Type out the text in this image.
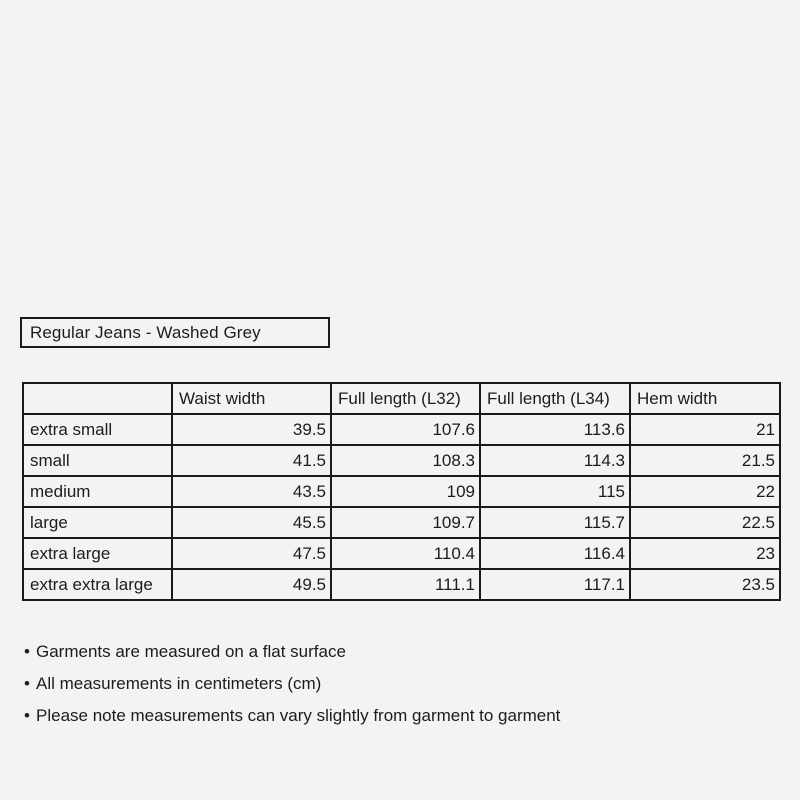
Regular Jeans - Washed Grey
	Waist width	Full length (L32)	Full length (L34)	Hem width
extra small	39.5	107.6	113.6	21
small	41.5	108.3	114.3	21.5
medium	43.5	109	115	22
large	45.5	109.7	115.7	22.5
extra large	47.5	110.4	116.4	23
extra extra large	49.5	111.1	117.1	23.5
•
Garments are measured on a flat surface
•
All measurements in centimeters (cm)
•
Please note measurements can vary slightly from garment to garment
